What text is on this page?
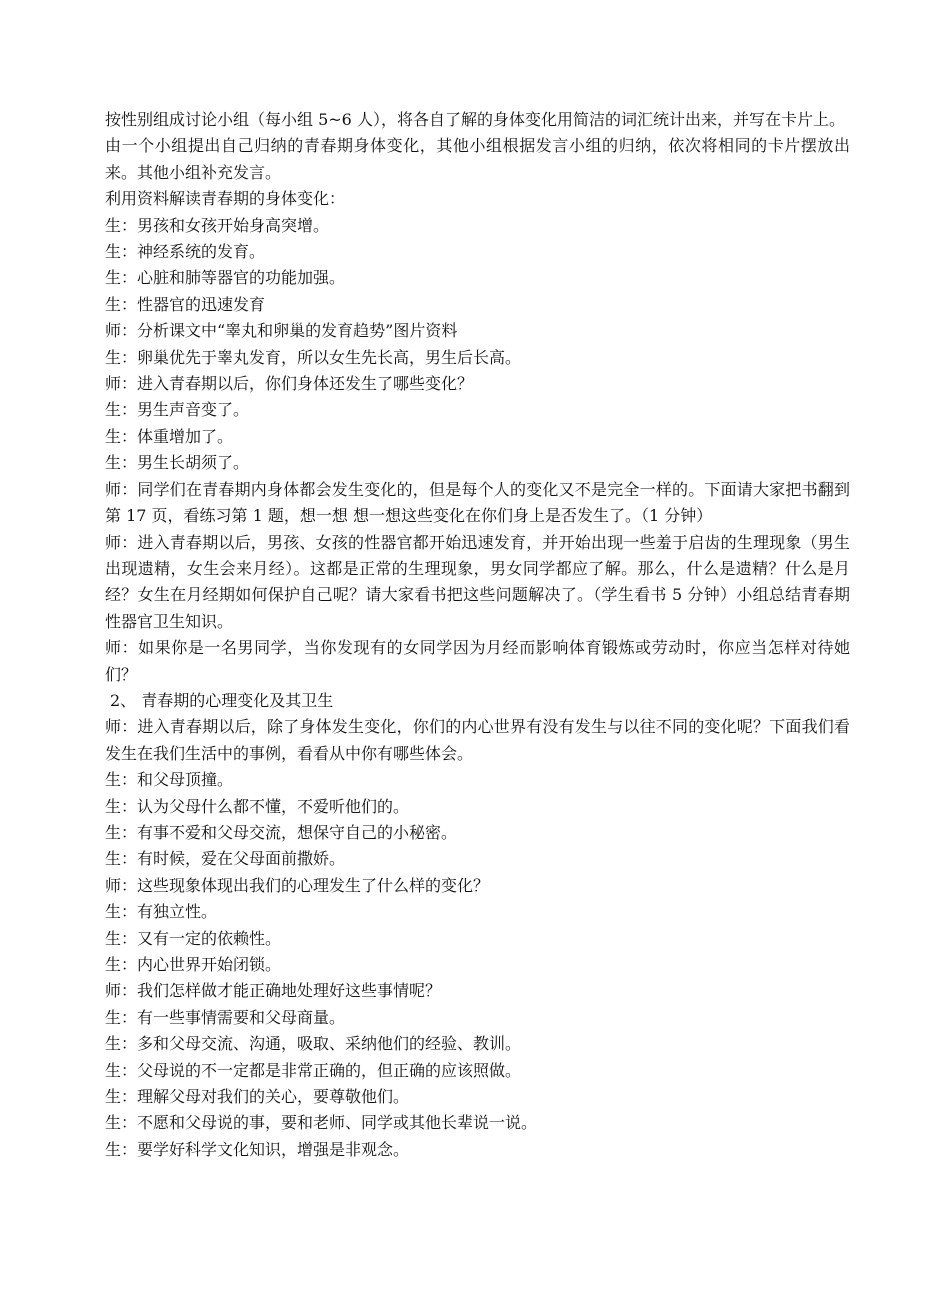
按性别组成讨论小组（每小组 5~6 人），将各自了解的身体变化用简洁的词汇统计出来，并写在卡片上。

由一个小组提出自己归纳的青春期身体变化，其他小组根据发言小组的归纳，依次将相同的卡片摆放出来。其他小组补充发言。

利用资料解读青春期的身体变化：

生：男孩和女孩开始身高突增。

生：神经系统的发育。

生：心脏和肺等器官的功能加强。

生：性器官的迅速发育

师：分析课文中“睾丸和卵巢的发育趋势”图片资料

生：卵巢优先于睾丸发育，所以女生先长高，男生后长高。

师：进入青春期以后，你们身体还发生了哪些变化？

生：男生声音变了。

生：体重增加了。

生：男生长胡须了。

师：同学们在青春期内身体都会发生变化的，但是每个人的变化又不是完全一样的。下面请大家把书翻到第 17 页，看练习第 1 题，想一想 想一想这些变化在你们身上是否发生了。（1 分钟）

师：进入青春期以后，男孩、女孩的性器官都开始迅速发育，并开始出现一些羞于启齿的生理现象（男生出现遗精，女生会来月经）。这都是正常的生理现象，男女同学都应了解。那么，什么是遗精？什么是月经？女生在月经期如何保护自己呢？请大家看书把这些问题解决了。（学生看书 5 分钟）小组总结青春期性器官卫生知识。

师：如果你是一名男同学，当你发现有的女同学因为月经而影响体育锻炼或劳动时，你应当怎样对待她们？

2、 青春期的心理变化及其卫生

师：进入青春期以后，除了身体发生变化，你们的内心世界有没有发生与以往不同的变化呢？下面我们看发生在我们生活中的事例，看看从中你有哪些体会。

生：和父母顶撞。

生：认为父母什么都不懂，不爱听他们的。

生：有事不爱和父母交流，想保守自己的小秘密。

生：有时候，爱在父母面前撒娇。

师：这些现象体现出我们的心理发生了什么样的变化？

生：有独立性。

生：又有一定的依赖性。

生：内心世界开始闭锁。

师：我们怎样做才能正确地处理好这些事情呢？

生：有一些事情需要和父母商量。

生：多和父母交流、沟通，吸取、采纳他们的经验、教训。

生：父母说的不一定都是非常正确的，但正确的应该照做。

生：理解父母对我们的关心，要尊敬他们。

生：不愿和父母说的事，要和老师、同学或其他长辈说一说。

生：要学好科学文化知识，增强是非观念。
